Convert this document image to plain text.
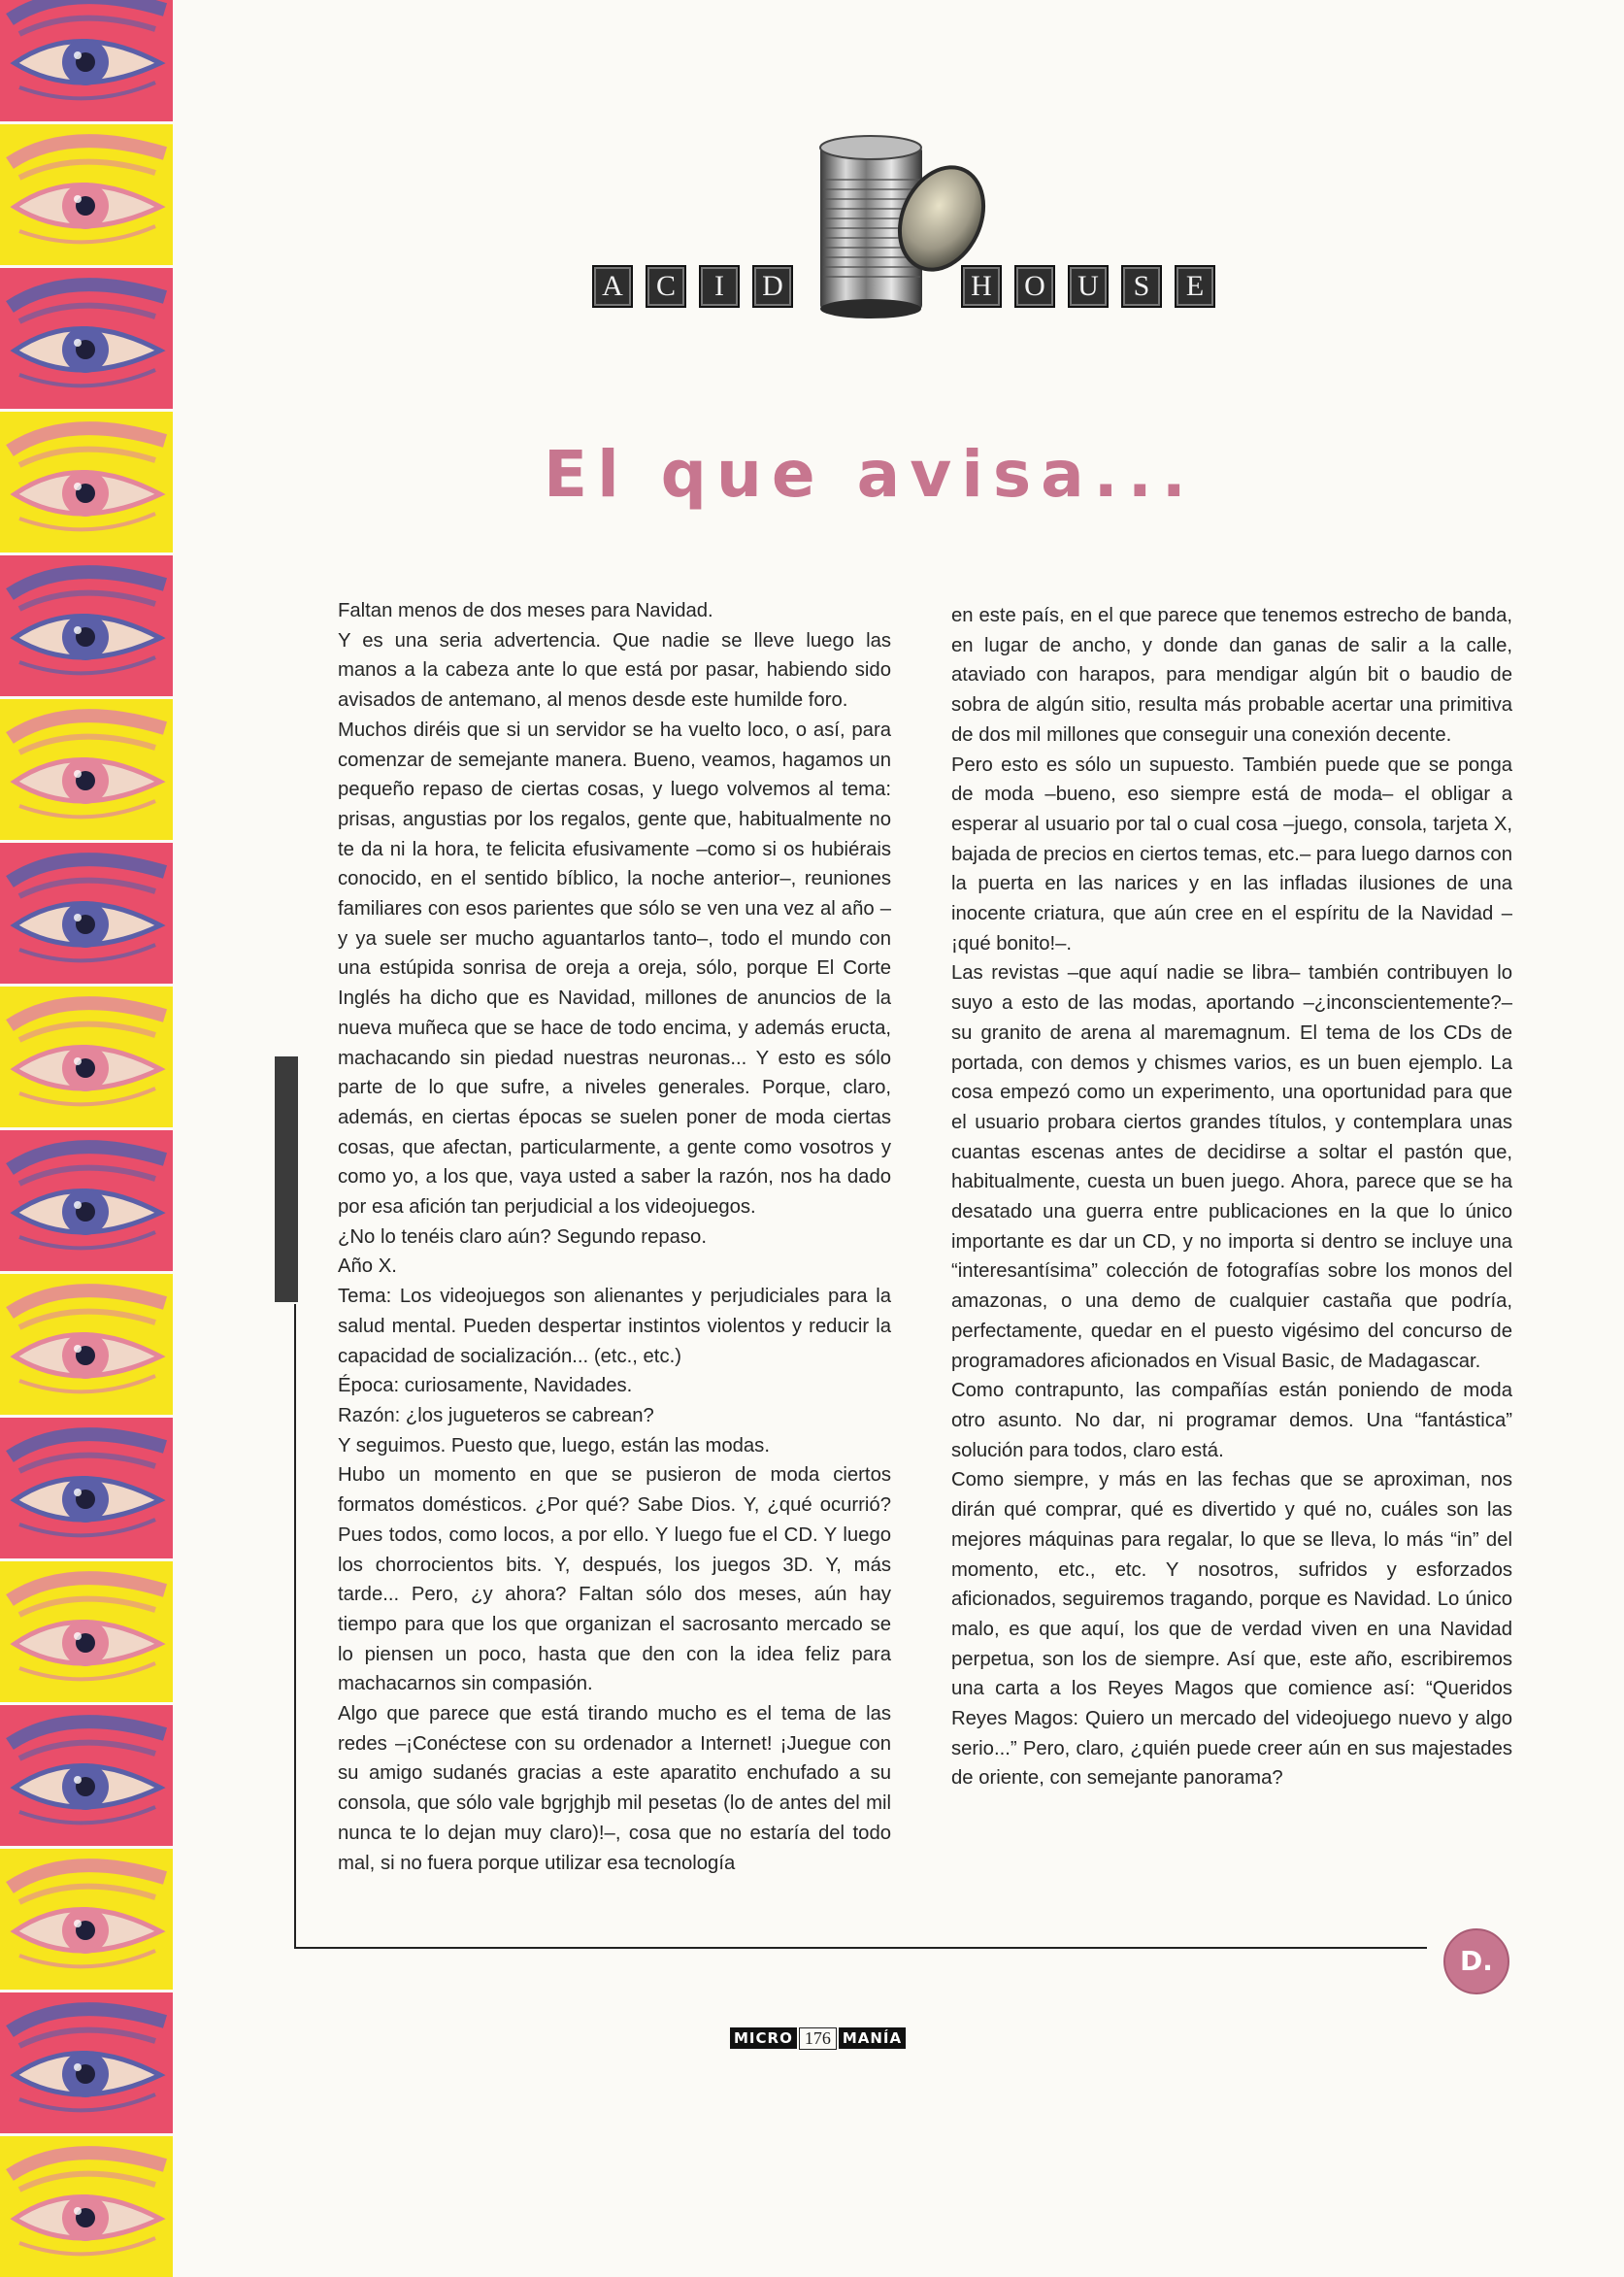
A C	I	D	H O U	S	E
El que avisa...

Faltan menos de dos meses para Navidad.

Y es una seria advertencia. Que nadie se lleve luego las manos a la cabeza ante lo que está por pasar, habiendo sido avisados de antemano, al menos desde este humilde foro.

Muchos diréis que si un servidor se ha vuelto loco, o así, para comenzar de semejante manera. Bueno, veamos, hagamos un pequeño repaso de ciertas cosas, y luego volvemos al tema: prisas, angustias por los regalos, gente que, habitualmente no te da ni la hora, te felicita efusivamente –como si os hubiérais conocido, en el sentido bíblico, la noche anterior–, reuniones familiares con esos parientes que sólo se ven una vez al año –y ya suele ser mucho aguantarlos tanto–, todo el mundo con una estúpida sonrisa de oreja a oreja, sólo, porque El Corte Inglés ha dicho que es Navidad, millones de anuncios de la nueva muñeca que se hace de todo encima, y además eructa, machacando sin piedad nuestras neuronas... Y esto es sólo parte de lo que sufre, a niveles generales. Porque, claro, además, en ciertas épocas se suelen poner de moda ciertas cosas, que afectan, particularmente, a gente como vosotros y como yo, a los que, vaya usted a saber la razón, nos ha dado por esa afición tan perjudicial a los videojuegos.

¿No lo tenéis claro aún? Segundo repaso.

Año X.

Tema: Los videojuegos son alienantes y perjudiciales para la salud mental. Pueden despertar instintos violentos y reducir la capacidad de socialización... (etc., etc.)

Época: curiosamente, Navidades.

Razón: ¿los jugueteros se cabrean?

Y seguimos. Puesto que, luego, están las modas.

Hubo un momento en que se pusieron de moda ciertos formatos domésticos. ¿Por qué? Sabe Dios. Y, ¿qué ocurrió? Pues todos, como locos, a por ello. Y luego fue el CD. Y luego los chorrocientos bits. Y, después, los juegos 3D. Y, más tarde... Pero, ¿y ahora? Faltan sólo dos meses, aún hay tiempo para que los que organizan el sacrosanto mercado se lo piensen un poco, hasta que den con la idea feliz para machacarnos sin compasión.

Algo que parece que está tirando mucho es el tema de las redes –¡Conéctese con su ordenador a Internet! ¡Juegue con su amigo sudanés gracias a este aparatito enchufado a su consola, que sólo vale bgrjghjb mil pesetas (lo de antes del mil nunca te lo dejan muy claro)!–, cosa que no estaría del todo mal, si no fuera porque utilizar esa tecnología

en este país, en el que parece que tenemos estrecho de banda, en lugar de ancho, y donde dan ganas de salir a la calle, ataviado con harapos, para mendigar algún bit o baudio de sobra de algún sitio, resulta más probable acertar una primitiva de dos mil millones que conseguir una conexión decente.

Pero esto es sólo un supuesto. También puede que se ponga de moda –bueno, eso siempre está de moda– el obligar a esperar al usuario por tal o cual cosa –juego, consola, tarjeta X, bajada de precios en ciertos temas, etc.– para luego darnos con la puerta en las narices y en las infladas ilusiones de una inocente criatura, que aún cree en el espíritu de la Navidad –¡qué bonito!–.

Las revistas –que aquí nadie se libra– también contribuyen lo suyo a esto de las modas, aportando –¿inconscientemente?– su granito de arena al maremagnum. El tema de los CDs de portada, con demos y chismes varios, es un buen ejemplo. La cosa empezó como un experimento, una oportunidad para que el usuario probara ciertos grandes títulos, y contemplara unas cuantas escenas antes de decidirse a soltar el pastón que, habitualmente, cuesta un buen juego. Ahora, parece que se ha desatado una guerra entre publicaciones en la que lo único importante es dar un CD, y no importa si dentro se incluye una “interesantísima” colección de fotografías sobre los monos del amazonas, o una demo de cualquier castaña que podría, perfectamente, quedar en el puesto vigésimo del concurso de programadores aficionados en Visual Basic, de Madagascar.

Como contrapunto, las compañías están poniendo de moda otro asunto. No dar, ni programar demos. Una “fantástica” solución para todos, claro está.

Como siempre, y más en las fechas que se aproximan, nos dirán qué comprar, qué es divertido y qué no, cuáles son las mejores máquinas para regalar, lo que se lleva, lo más “in” del momento, etc., etc. Y nosotros, sufridos y esforzados aficionados, seguiremos tragando, porque es Navidad. Lo único malo, es que aquí, los que de verdad viven en una Navidad perpetua, son los de siempre. Así que, este año, escribiremos una carta a los Reyes Magos que comience así: “Queridos Reyes Magos: Quiero un mercado del videojuego nuevo y algo serio...” Pero, claro, ¿quién puede creer aún en sus majestades de oriente, con semejante panorama?

D.
MICRO 176 MANÍA
